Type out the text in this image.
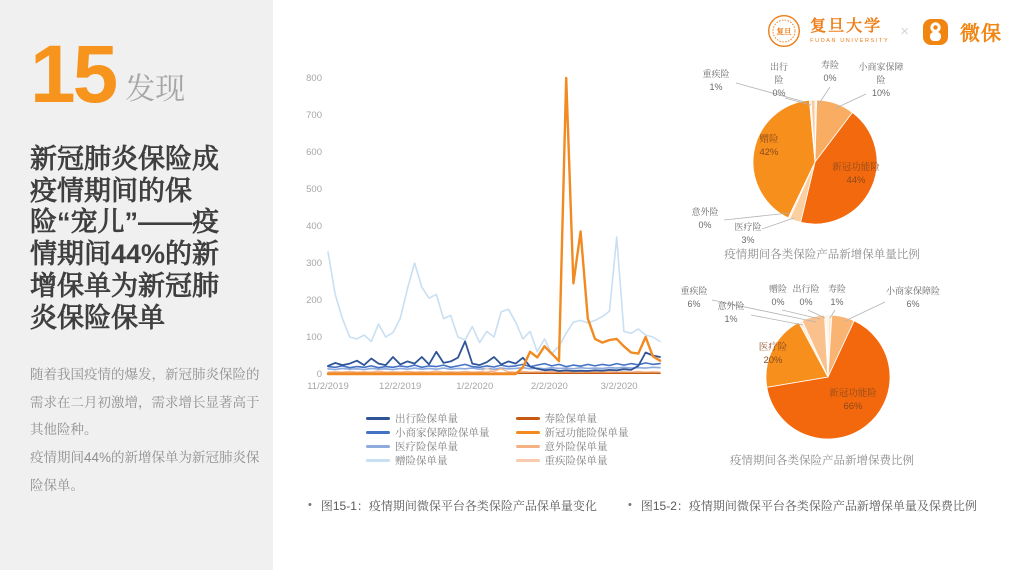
15 发现
新冠肺炎保险成疫情期间的保险“宠儿”——疫情期间44%的新增保单为新冠肺炎保险保单

随着我国疫情的爆发，新冠肺炎保险的需求在二月初激增，需求增长显著高于其他险种。

疫情期间44%的新增保单为新冠肺炎保险保单。

复旦 复旦大学
FUDAN UNIVERSITY
×	微保
0
100
200
300
400
500
600
700
800
11/2/2019	12/2/2019	1/2/2020	2/2/2020	3/2/2020
出行险保单量
小商家保障险保单量
医疗险保单量
赠险保单量
寿险保单量
新冠功能险保单量
意外险保单量
重疾险保单量
寿险
0%
小商家保障
险
10%
新冠功能险
44%
医疗险
3%
意外险
0%
赠险
42%
出行
险
0%
重疾险
1%
疫情期间各类保险产品新增保单量比例
寿险
1%
小商家保障险
6%
新冠功能险
66%
医疗险
20%
意外险
1%
重疾险
6%
赠险
0%
出行险
0%
疫情期间各类保险产品新增保费比例
• 图15-1：疫情期间微保平台各类保险产品保单量变化	• 图15-2：疫情期间微保平台各类保险产品新增保单量及保费比例
